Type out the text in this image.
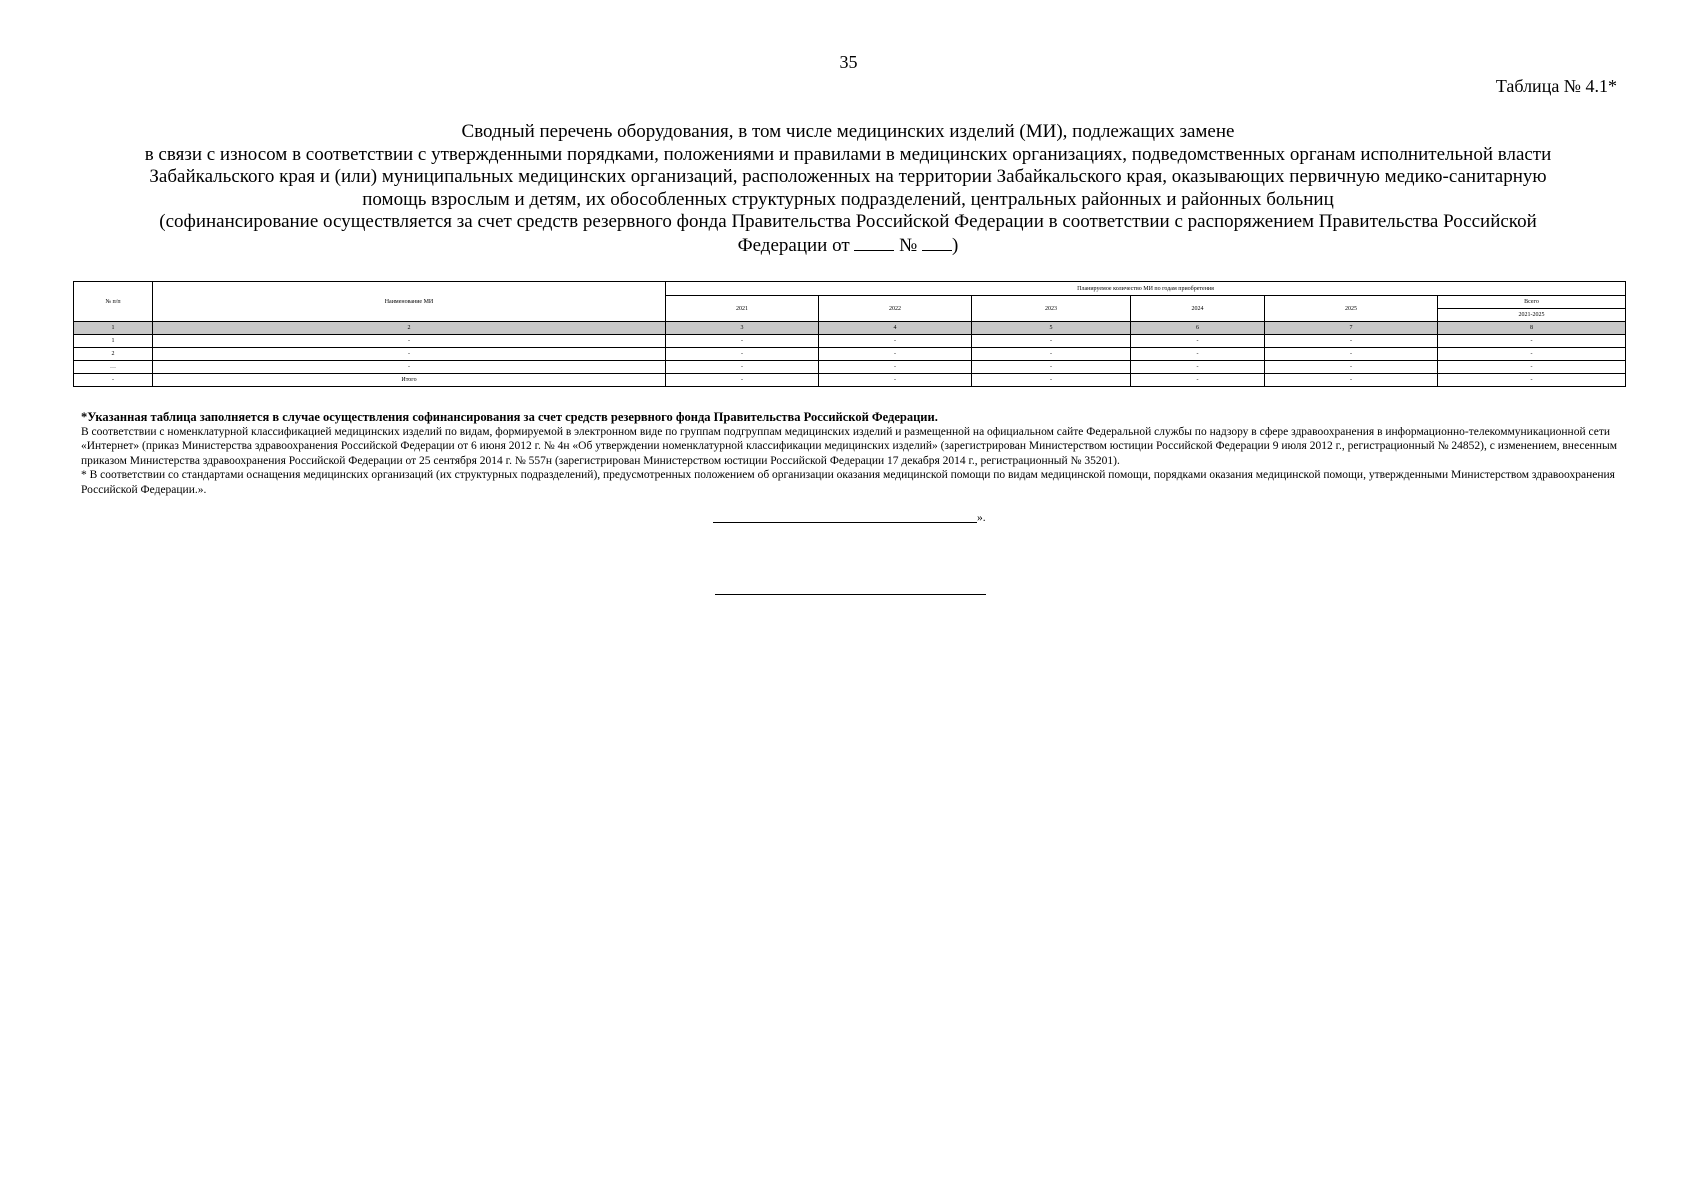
35
Таблица № 4.1*
Сводный перечень оборудования, в том числе медицинских изделий (МИ), подлежащих замене
в связи с износом в соответствии с утвержденными порядками, положениями и правилами в медицинских организациях, подведомственных органам исполнительной власти
Забайкальского края и (или) муниципальных медицинских организаций, расположенных на территории Забайкальского края, оказывающих первичную медико-санитарную
помощь взрослым и детям, их обособленных структурных подразделений, центральных районных и районных больниц
(софинансирование осуществляется за счет средств резервного фонда Правительства Российской Федерации в соответствии с распоряжением Правительства Российской
Федерации от	№ )
№ п/п	Наименование МИ	Планируемое количество МИ по годам приобретения					
		2021	2022	2023	2024	2025	Всего
							2021-2025
1	2	3	4	5	6	7	8
1	-	-	-	-	-	-	-
2	-	-	-	-	-	-	-
…	-	-	-	-	-	-	-
-	Итого	-	-	-	-	-	-

*Указанная таблица заполняется в случае осуществления софинансирования за счет средств резервного фонда Правительства Российской Федерации.

В соответствии с номенклатурной классификацией медицинских изделий по видам, формируемой в электронном виде по группам подгруппам медицинских изделий и размещенной на официальном сайте Федеральной службы по надзору в сфере здравоохранения в информационно-телекоммуникационной сети «Интернет» (приказ Министерства здравоохранения Российской Федерации от 6 июня 2012 г. № 4н «Об утверждении номенклатурной классификации медицинских изделий» (зарегистрирован Министерством юстиции Российской Федерации 9 июля 2012 г., регистрационный № 24852), с изменением, внесенным приказом Министерства здравоохранения Российской Федерации от 25 сентября 2014 г. № 557н (зарегистрирован Министерством юстиции Российской Федерации 17 декабря 2014 г., регистрационный № 35201).

* В соответствии со стандартами оснащения медицинских организаций (их структурных подразделений), предусмотренных положением об организации оказания медицинской помощи по видам медицинской помощи, порядками оказания медицинской помощи, утвержденными Министерством здравоохранения Российской Федерации.».

».
